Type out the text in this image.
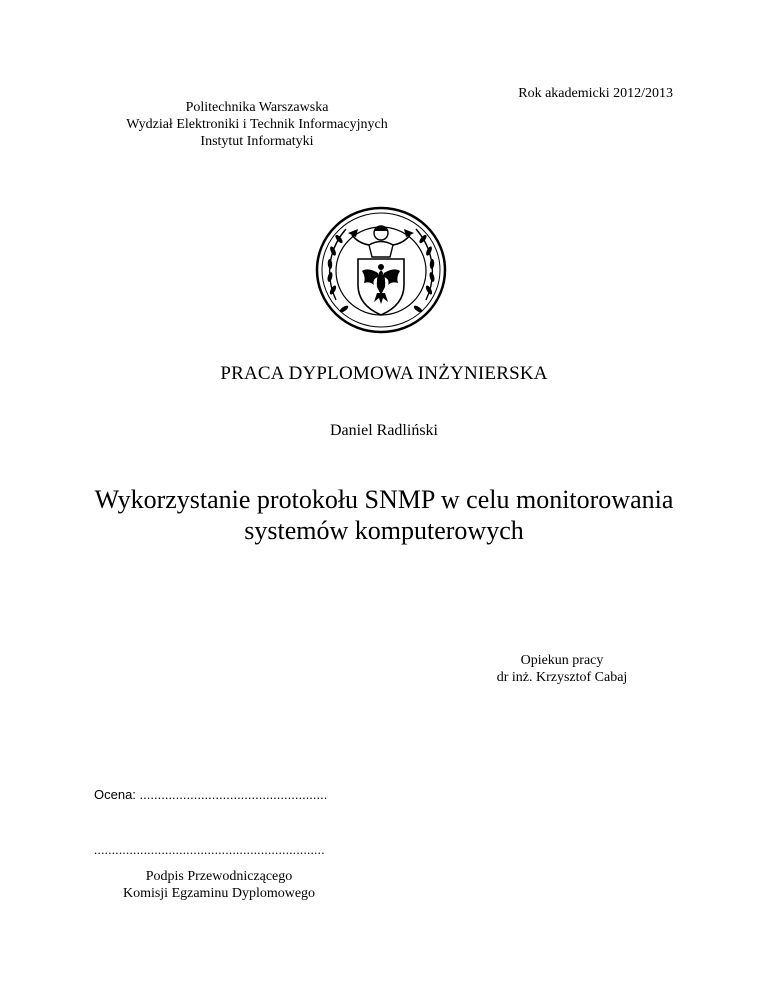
Rok akademicki 2012/2013
Politechnika Warszawska
Wydział Elektroniki i Technik Informacyjnych
Instytut Informatyki
PRACA DYPLOMOWA INŻYNIERSKA
Daniel Radliński
Wykorzystanie protokołu SNMP w celu monitorowania
systemów komputerowych
Opiekun pracy
dr inż. Krzysztof Cabaj
Ocena: ....................................................
.................................................................
Podpis Przewodniczącego
Komisji Egzaminu Dyplomowego
